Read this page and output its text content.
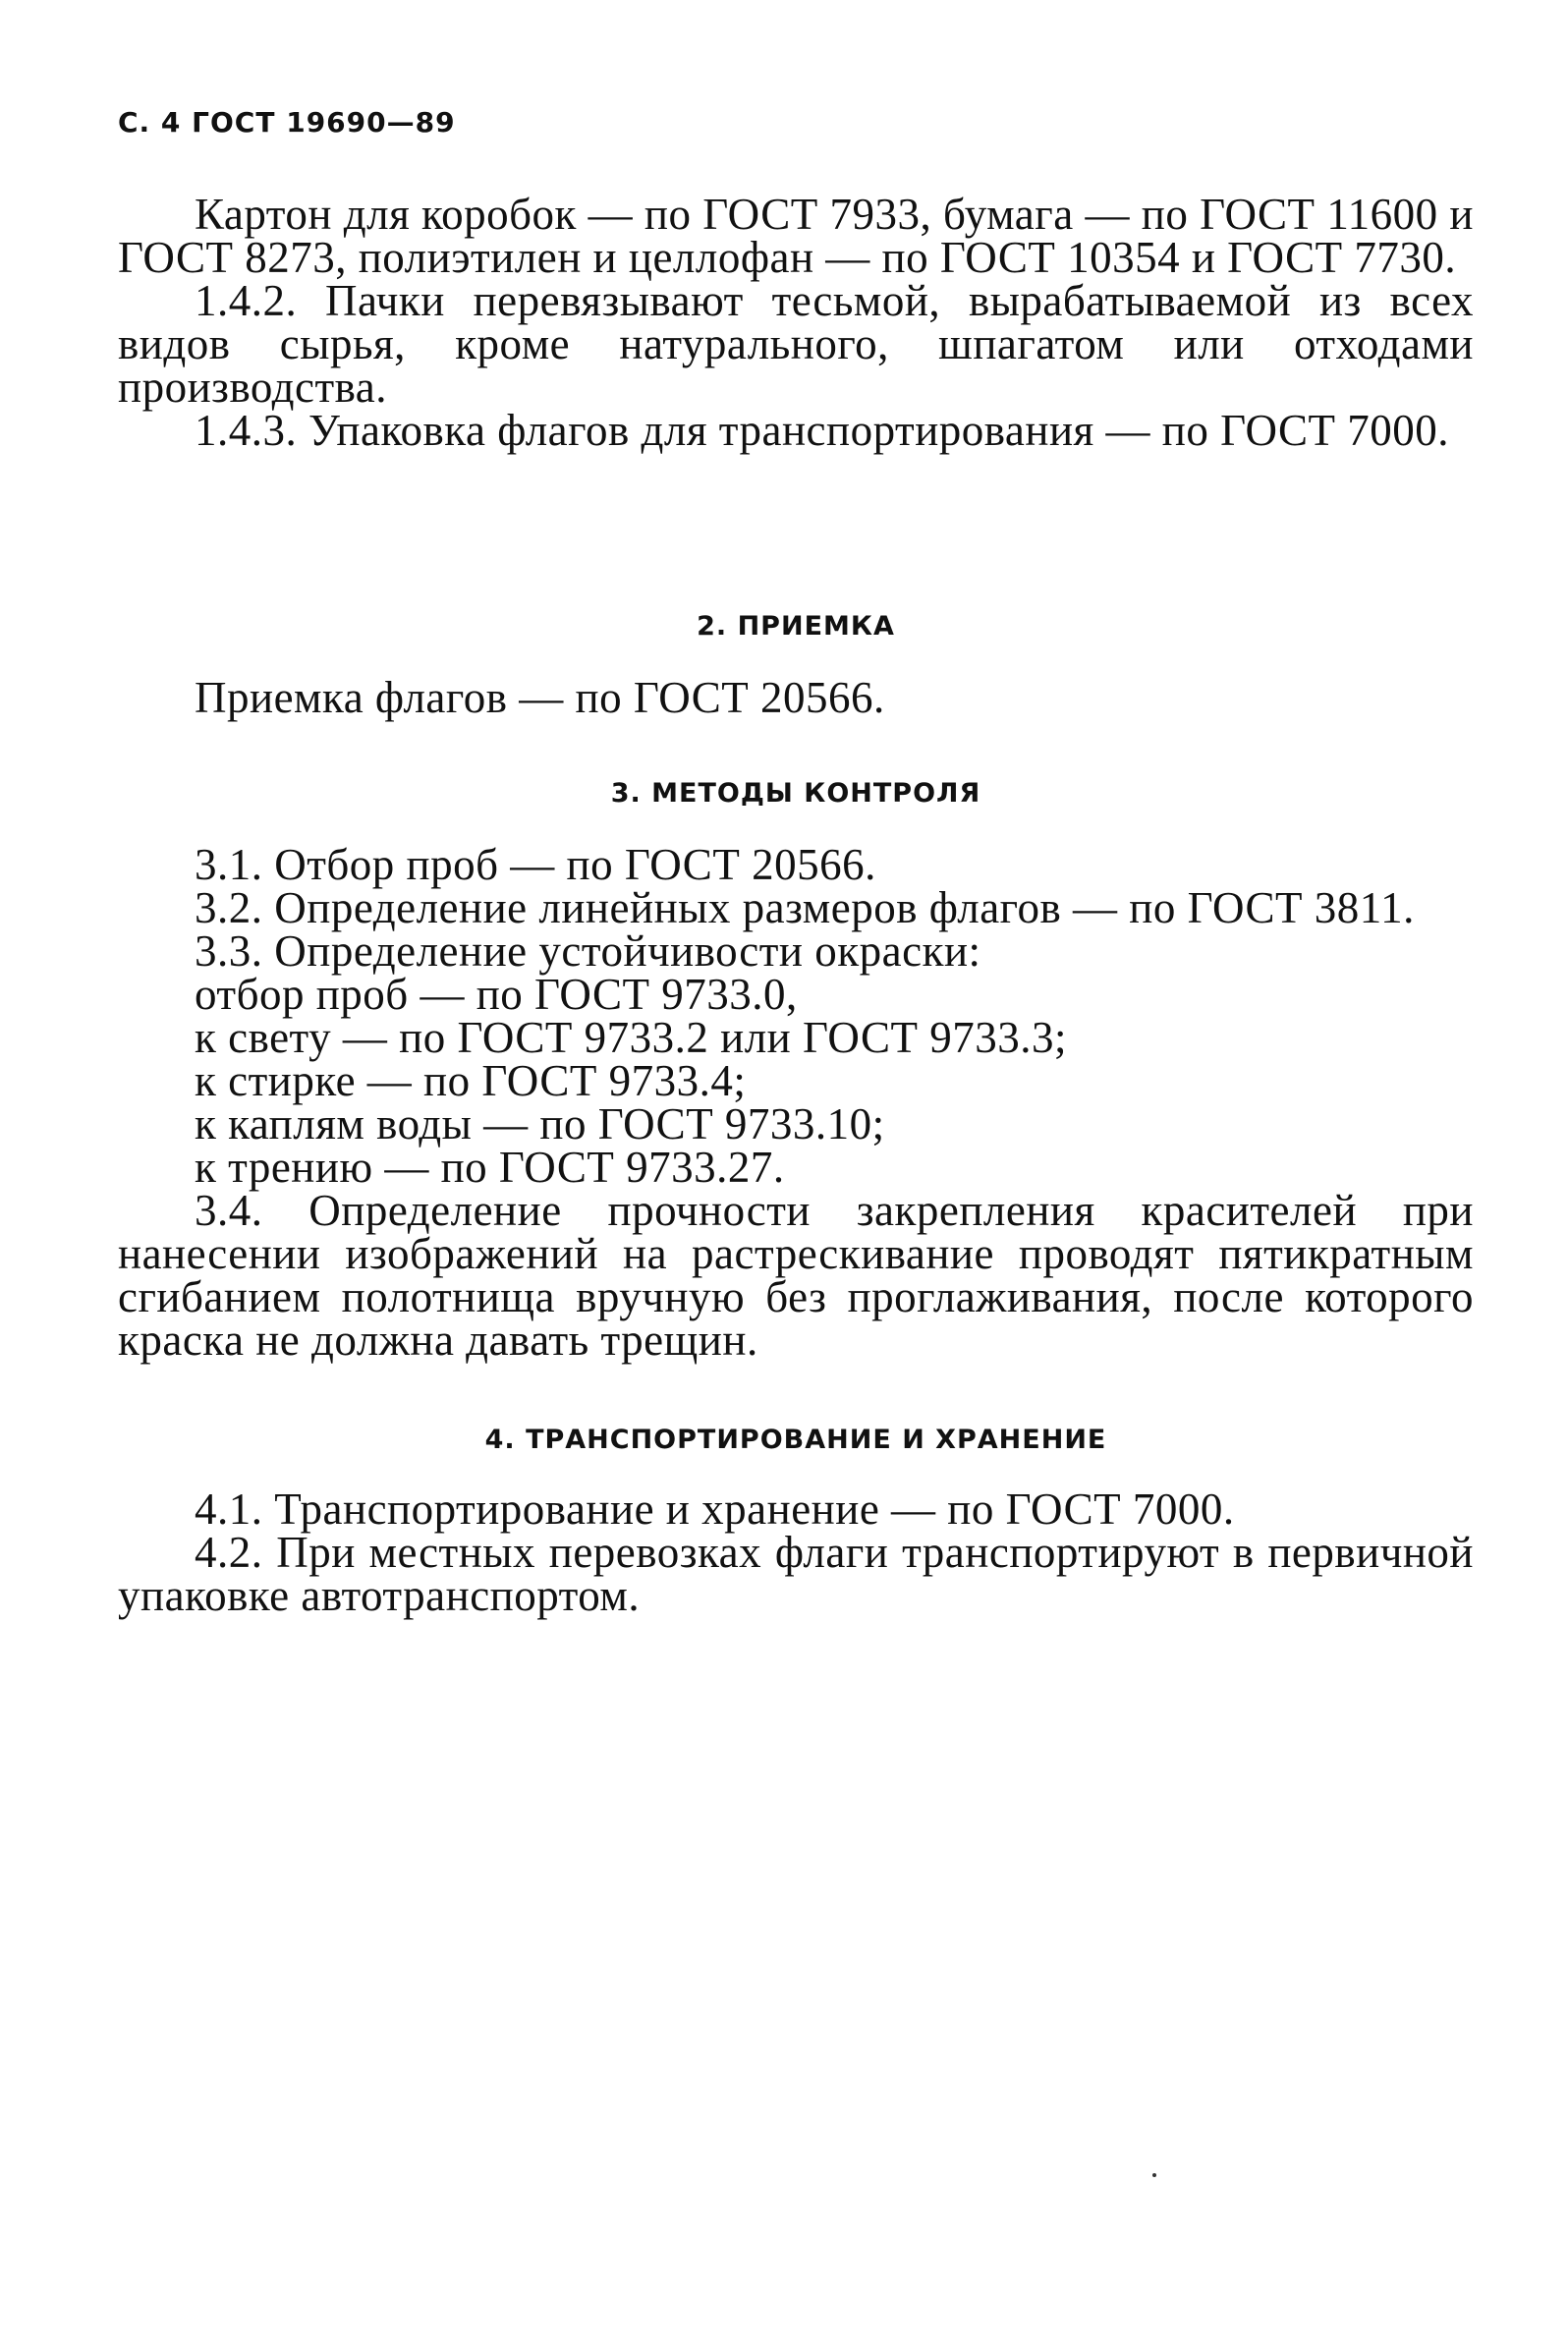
С. 4 ГОСТ 19690—89

Картон для коробок — по ГОСТ 7933, бумага — по ГОСТ 11600 и ГОСТ 8273, полиэтилен и целлофан — по ГОСТ 10354 и ГОСТ 7730.

1.4.2. Пачки перевязывают тесьмой, вырабатываемой из всех видов сырья, кроме натурального, шпагатом или отходами производства.

1.4.3. Упаковка флагов для транспортирования — по ГОСТ 7000.

2. ПРИЕМКА

Приемка флагов — по ГОСТ 20566.

3. МЕТОДЫ КОНТРОЛЯ

3.1. Отбор проб — по ГОСТ 20566.

3.2. Определение линейных размеров флагов — по ГОСТ 3811.

3.3. Определение устойчивости окраски:

отбор проб — по ГОСТ 9733.0,

к свету — по ГОСТ 9733.2 или ГОСТ 9733.3;

к стирке — по ГОСТ 9733.4;

к каплям воды — по ГОСТ 9733.10;

к трению — по ГОСТ 9733.27.

3.4. Определение прочности закрепления красителей при нанесении изображений на растрескивание проводят пятикратным сгибанием полотнища вручную без проглаживания, после которого краска не должна давать трещин.

4. ТРАНСПОРТИРОВАНИЕ И ХРАНЕНИЕ

4.1. Транспортирование и хранение — по ГОСТ 7000.

4.2. При местных перевозках флаги транспортируют в первичной упаковке автотранспортом.
